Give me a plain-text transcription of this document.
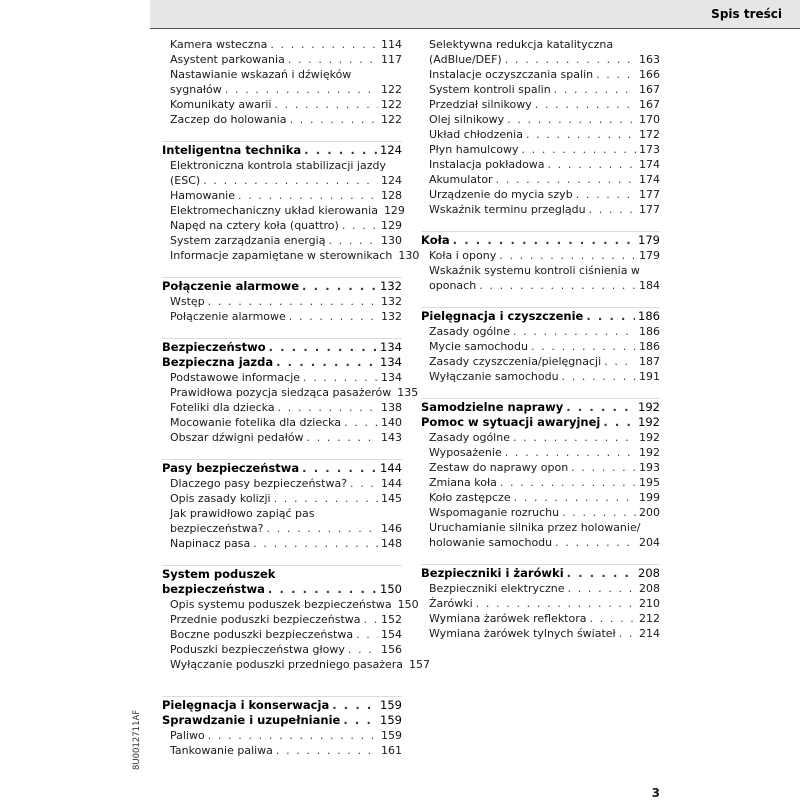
Spis treści
Kamera wsteczna . . .	114
Asystent parkowania . . .	117
Nastawianie wskazań i dźwięków
sygnałów . . .	122
Komunikaty awarii . . .	122
Zaczep do holowania . . .	122
Inteligentna technika . . .	124
Elektroniczna kontrola stabilizacji jazdy
(ESC) . . .	124
Hamowanie . . .	128
Elektromechaniczny układ kierowania 129
Napęd na cztery koła (quattro) . . .	129
System zarządzania energią . . .	130
Informacje zapamiętane w sterownikach 130
Połączenie alarmowe . . .	132
Wstęp . . .	132
Połączenie alarmowe . . .	132
Bezpieczeństwo . . .	134
Bezpieczna jazda . . .	134
Podstawowe informacje . . .	134
Prawidłowa pozycja siedząca pasażerów 135
Foteliki dla dziecka . . .	138
Mocowanie fotelika dla dziecka . . .	140
Obszar dźwigni pedałów . . .	143
Pasy bezpieczeństwa . . .	144
Dlaczego pasy bezpieczeństwa? . . .	144
Opis zasady kolizji . . .	145
Jak prawidłowo zapiąć pas
bezpieczeństwa? . . .	146
Napinacz pasa . . .	148
System poduszek
bezpieczeństwa . . .	150
Opis systemu poduszek bezpieczeństwa 150
Przednie poduszki bezpieczeństwa . . . 152
Boczne poduszki bezpieczeństwa . . .	154
Poduszki bezpieczeństwa głowy . . .	156
Wyłączanie poduszki przedniego pasażera 157
Pielęgnacja i konserwacja . . .	159
Sprawdzanie i uzupełnianie . . .	159
Paliwo . . .	159
Tankowanie paliwa . . .	161
Selektywna redukcja katalityczna
(AdBlue/DEF) . . .	163
Instalacje oczyszczania spalin . . .	166
System kontroli spalin . . .	167
Przedział silnikowy . . .	167
Olej silnikowy . . .	170
Układ chłodzenia . . .	172
Płyn hamulcowy . . .	173
Instalacja pokładowa . . .	174
Akumulator . . .	174
Urządzenie do mycia szyb . . .	177
Wskaźnik terminu przeglądu . . .	177
Koła . . .	179
Koła i opony . . .	179
Wskaźnik systemu kontroli ciśnienia w
oponach . . .	184
Pielęgnacja i czyszczenie . . .	186
Zasady ogólne . . .	186
Mycie samochodu . . .	186
Zasady czyszczenia/pielęgnacji . . .	187
Wyłączanie samochodu . . .	191
Samodzielne naprawy . . .	192
Pomoc w sytuacji awaryjnej . . .	192
Zasady ogólne . . .	192
Wyposażenie . . .	192
Zestaw do naprawy opon . . .	193
Zmiana koła . . .	195
Koło zastępcze . . .	199
Wspomaganie rozruchu . . .	200
Uruchamianie silnika przez holowanie/
holowanie samochodu . . .	204
Bezpieczniki i żarówki . . .	208
Bezpieczniki elektryczne . . .	208
Żarówki . . .	210
Wymiana żarówek reflektora . . .	212
Wymiana żarówek tylnych świateł . . . 214
8U0012711AF
3
